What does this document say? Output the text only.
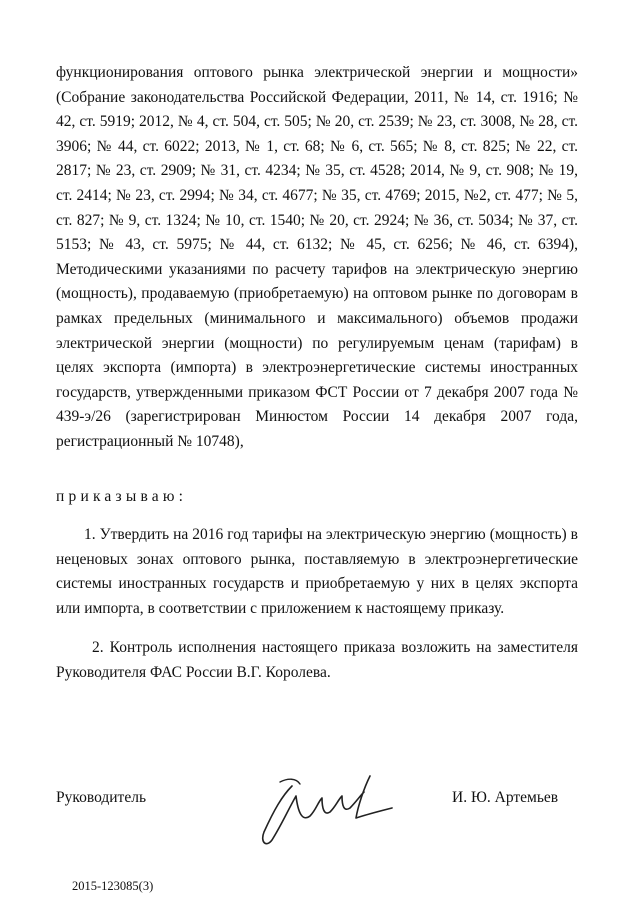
функционирования оптового рынка электрической энергии и мощности» (Собрание законодательства Российской Федерации, 2011, № 14, ст. 1916; № 42, ст. 5919; 2012, № 4, ст. 504, ст. 505; № 20, ст. 2539; № 23, ст. 3008, № 28, ст. 3906; № 44, ст. 6022; 2013, № 1, ст. 68; № 6, ст. 565; № 8, ст. 825; № 22, ст. 2817; № 23, ст. 2909; № 31, ст. 4234; № 35, ст. 4528; 2014, № 9, ст. 908; № 19, ст. 2414; № 23, ст. 2994; № 34, ст. 4677; № 35, ст. 4769; 2015, №2, ст. 477; № 5, ст. 827; № 9, ст. 1324; № 10, ст. 1540; № 20, ст. 2924; № 36, ст. 5034; № 37, ст. 5153; № 43, ст. 5975; № 44, ст. 6132; № 45, ст. 6256; № 46, ст. 6394), Методическими указаниями по расчету тарифов на электрическую энергию (мощность), продаваемую (приобретаемую) на оптовом рынке по договорам в рамках предельных (минимального и максимального) объемов продажи электрической энергии (мощности) по регулируемым ценам (тарифам) в целях экспорта (импорта) в электроэнергетические системы иностранных государств, утвержденными приказом ФСТ России от 7 декабря 2007 года № 439-э/26 (зарегистрирован Минюстом России 14 декабря 2007 года, регистрационный № 10748),

приказываю:
1. Утвердить на 2016 год тарифы на электрическую энергию (мощность) в неценовых зонах оптового рынка, поставляемую в электроэнергетические системы иностранных государств и приобретаемую у них в целях экспорта или импорта, в соответствии с приложением к настоящему приказу.
2. Контроль исполнения настоящего приказа возложить на заместителя Руководителя ФАС России В.Г. Королева.
Руководитель	И. Ю. Артемьев
2015-123085(3)
